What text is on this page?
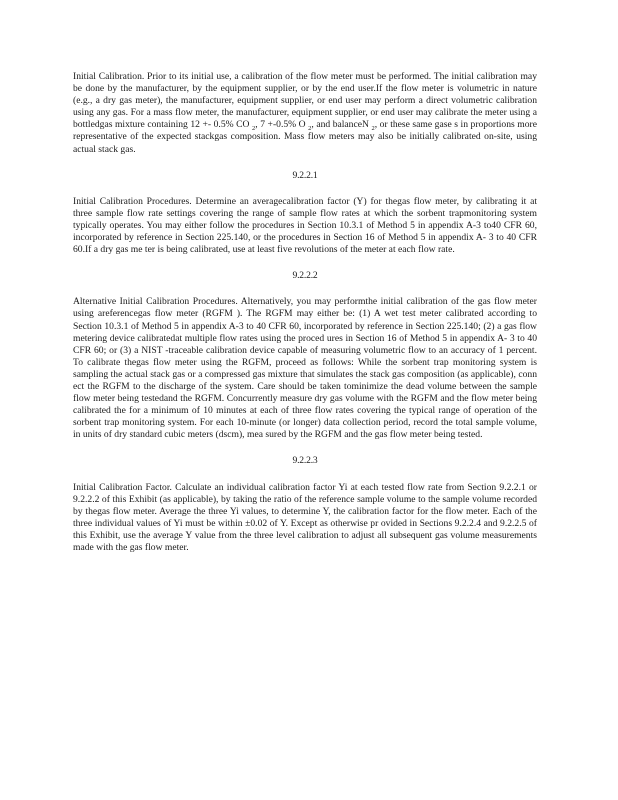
Initial Calibration. Prior to its initial use, a calibration of the flow meter must be performed. The initial calibration may be done by the manufacturer, by the equipment supplier, or by the end user.If the flow meter is volumetric in nature (e.g., a dry gas meter), the manufacturer, equipment supplier, or end user may perform a direct volumetric calibration using any gas. For a mass flow meter, the manufacturer, equipment supplier, or end user may calibrate the meter using a bottledgas mixture containing 12 +- 0.5% CO $_2$, 7 +-0.5% O $_2$, and balanceN $_2$, or these same gase s in proportions more representative of the expected stackgas composition. Mass flow meters may also be initially calibrated on-site, using actual stack gas.

9.2.2.1

Initial Calibration Procedures. Determine an averagecalibration factor (Y) for thegas flow meter, by calibrating it at three sample flow rate settings covering the range of sample flow rates at which the sorbent trapmonitoring system typically operates. You may either follow the procedures in Section 10.3.1 of Method 5 in appendix A-3 to40 CFR 60, incorporated by reference in Section 225.140, or the procedures in Section 16 of Method 5 in appendix A- 3 to 40 CFR 60.If a dry gas me ter is being calibrated, use at least five revolutions of the meter at each flow rate.

9.2.2.2

Alternative Initial Calibration Procedures. Alternatively, you may performthe initial calibration of the gas flow meter using areferencegas flow meter (RGFM ). The RGFM may either be: (1) A wet test meter calibrated according to Section 10.3.1 of Method 5 in appendix A-3 to 40 CFR 60, incorporated by reference in Section 225.140; (2) a gas flow metering device calibratedat multiple flow rates using the proced ures in Section 16 of Method 5 in appendix A- 3 to 40 CFR 60; or (3) a NIST -traceable calibration device capable of measuring volumetric flow to an accuracy of 1 percent. To calibrate thegas flow meter using the RGFM, proceed as follows: While the sorbent trap monitoring system is sampling the actual stack gas or a compressed gas mixture that simulates the stack gas composition (as applicable), conn ect the RGFM to the discharge of the system. Care should be taken tominimize the dead volume between the sample flow meter being testedand the RGFM. Concurrently measure dry gas volume with the RGFM and the flow meter being calibrated the for a minimum of 10 minutes at each of three flow rates covering the typical range of operation of the sorbent trap monitoring system. For each 10-minute (or longer) data collection period, record the total sample volume, in units of dry standard cubic meters (dscm), mea sured by the RGFM and the gas flow meter being tested.

9.2.2.3

Initial Calibration Factor. Calculate an individual calibration factor Yi at each tested flow rate from Section 9.2.2.1 or 9.2.2.2 of this Exhibit (as applicable), by taking the ratio of the reference sample volume to the sample volume recorded by thegas flow meter. Average the three Yi values, to determine Y, the calibration factor for the flow meter. Each of the three individual values of Yi must be within ±0.02 of Y. Except as otherwise pr ovided in Sections 9.2.2.4 and 9.2.2.5 of this Exhibit, use the average Y value from the three level calibration to adjust all subsequent gas volume measurements made with the gas flow meter.
